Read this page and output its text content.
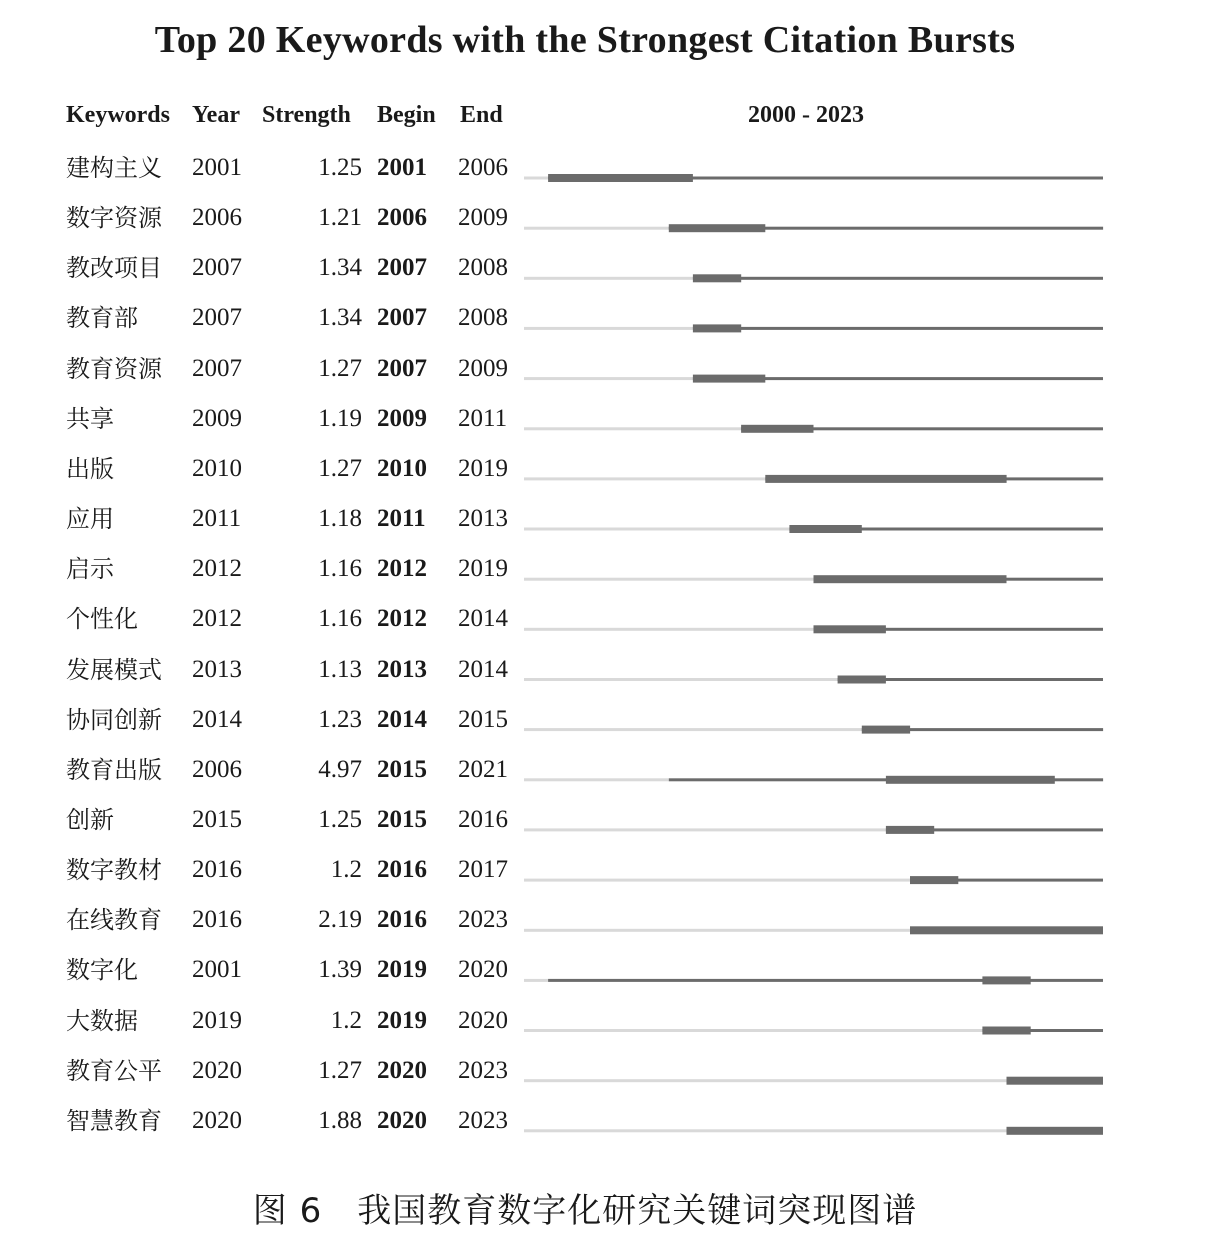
Top 20 Keywords with the Strongest Citation Bursts
Keywords Year Strength Begin End	2000 - 2023
建构主义 2001	1.25 2001 2006
数字资源 2006	1.21 2006 2009
教改项目 2007	1.34 2007 2008
教育部 2007	1.34 2007 2008
教育资源 2007	1.27 2007 2009
共享	2009	1.19 2009 2011
出版	2010	1.27 2010 2019
应用	2011	1.18 2011 2013
启示	2012	1.16 2012 2019
个性化 2012	1.16 2012 2014
发展模式 2013	1.13 2013 2014
协同创新 2014	1.23 2014 2015
教育出版 2006	4.97 2015 2021
创新	2015	1.25 2015 2016
数字教材 2016	1.2 2016 2017
在线教育 2016	2.19 2016 2023
数字化 2001	1.39 2019 2020
大数据 2019	1.2 2019 2020
教育公平 2020	1.27 2020 2023
智慧教育 2020	1.88 2020 2023
图 6　我国教育数字化研究关键词突现图谱
